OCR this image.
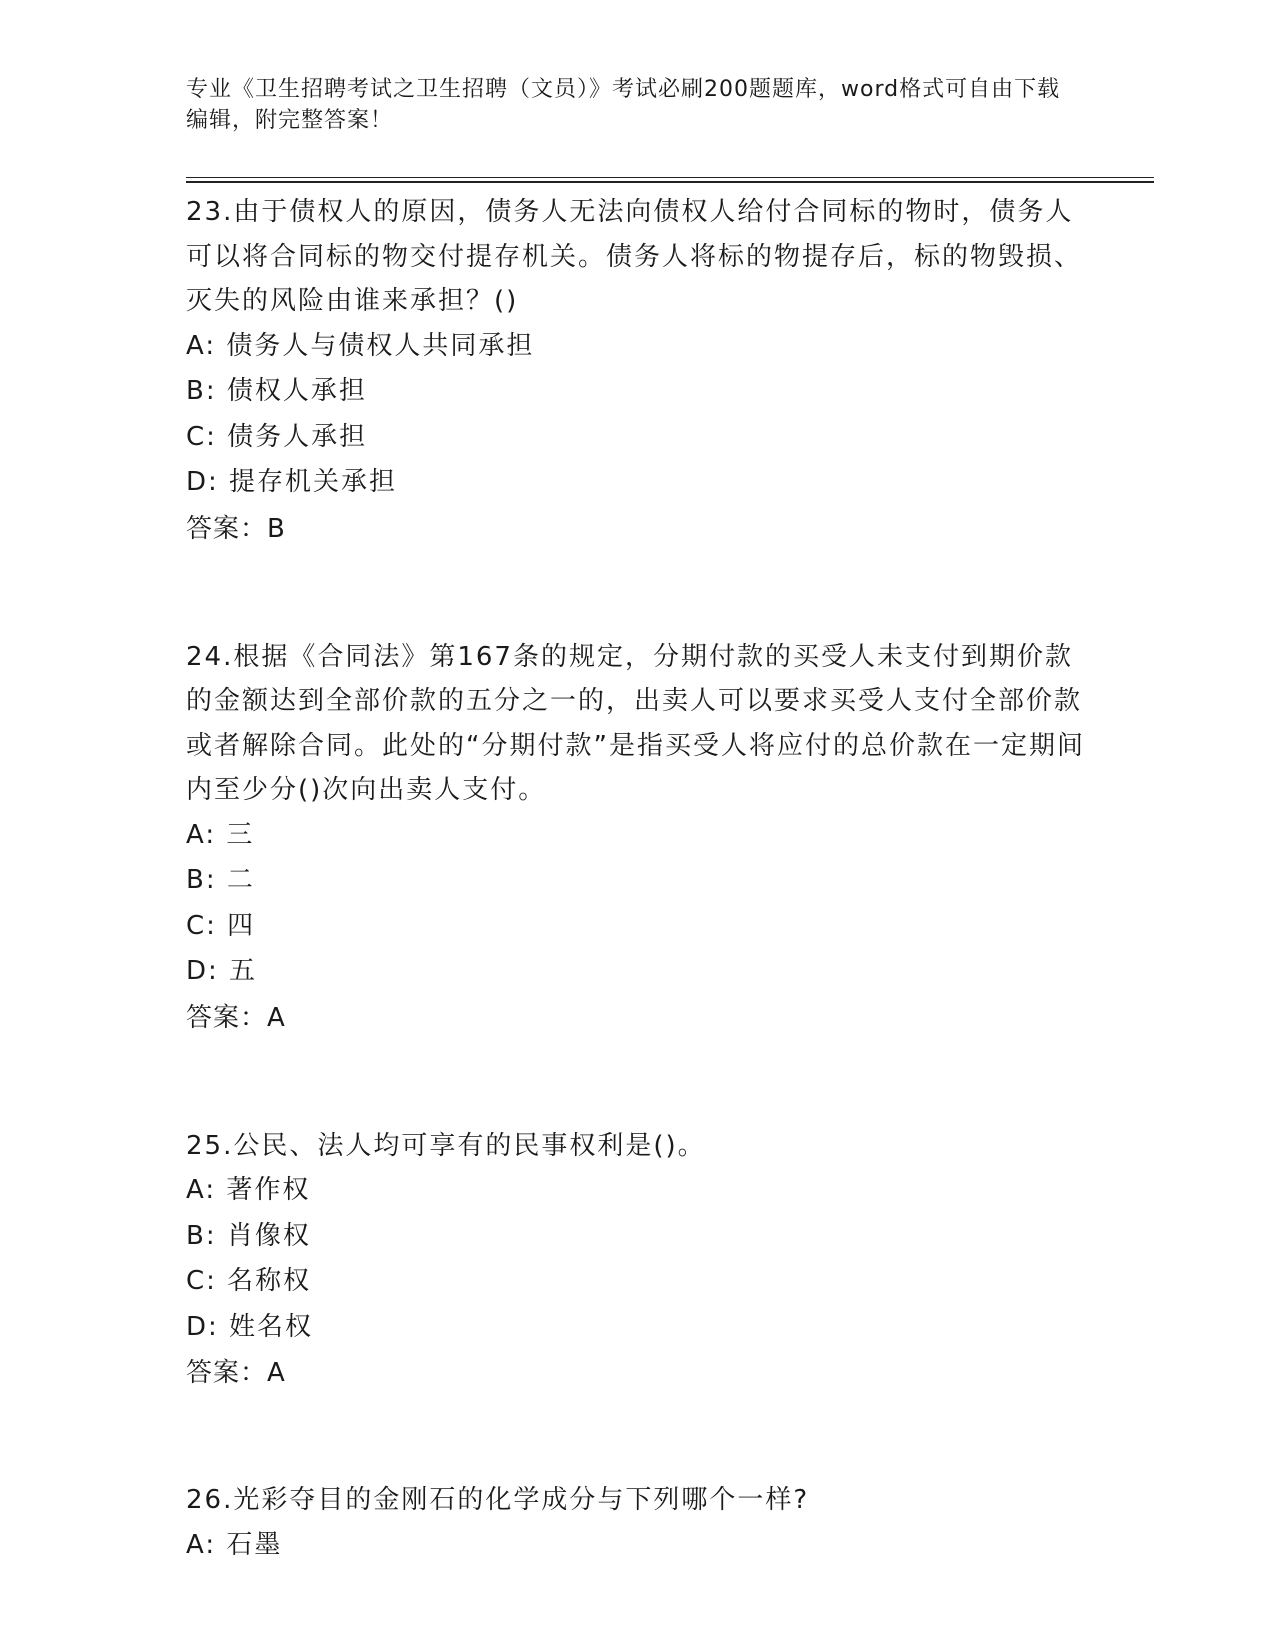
专业《卫生招聘考试之卫生招聘（文员）》考试必刷200题题库，word格式可自由下载编辑，附完整答案！

23.由于债权人的原因，债务人无法向债权人给付合同标的物时，债务人可以将合同标的物交付提存机关。债务人将标的物提存后，标的物毁损、灭失的风险由谁来承担？()

A: 债务人与债权人共同承担

B: 债权人承担

C: 债务人承担

D: 提存机关承担

答案：B

24.根据《合同法》第167条的规定，分期付款的买受人未支付到期价款的金额达到全部价款的五分之一的，出卖人可以要求买受人支付全部价款或者解除合同。此处的“分期付款”是指买受人将应付的总价款在一定期间内至少分()次向出卖人支付。

A: 三

B: 二

C: 四

D: 五

答案：A

25.公民、法人均可享有的民事权利是()。

A: 著作权

B: 肖像权

C: 名称权

D: 姓名权

答案：A

26.光彩夺目的金刚石的化学成分与下列哪个一样?

A: 石墨
